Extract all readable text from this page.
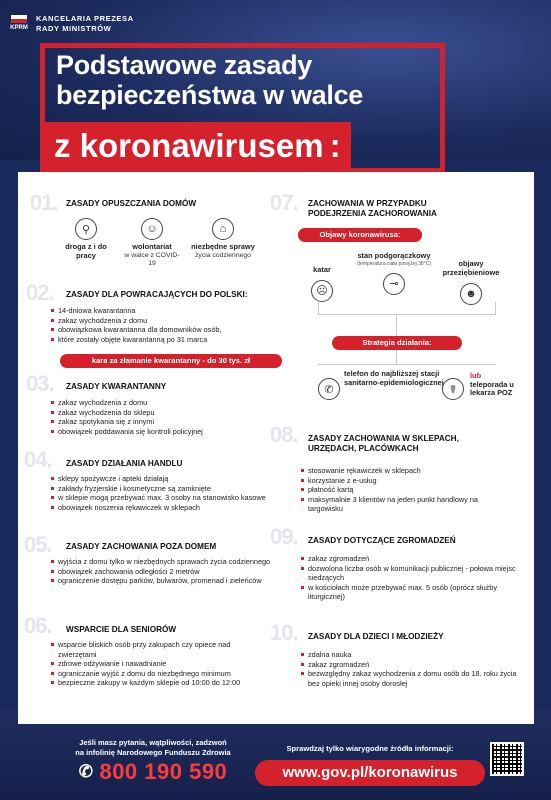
KPRM
KANCELARIA PREZESA
RADY MINISTRÓW
Podstawowe zasady
bezpieczeństwa w walce
z koronawirusem :
01. ZASADY OPUSZCZANIA DOMÓW
⚲
droga z i do pracy
☺
wolontariat
w walce z COVID-19
⌂
niezbędne sprawy
życia codziennego
02. ZASADY DLA POWRACAJĄCYCH DO POLSKI:
14-dniowa kwarantanna
zakaz wychodzenia z domu
obowiązkowa kwarantanna dla domowników osób,
które zostały objęte kwarantanną po 31 marca
kara za złamanie kwarantanny - do 30 tys. zł
03. ZASADY KWARANTANNY
zakaz wychodzenia z domu
zakaz wychodzenia do sklepu
zakaz spotykania się z innymi
obowiązek poddawania się kontroli policyjnej
04. ZASADY DZIAŁANIA HANDLU
sklepy spożywcze i apteki działają
zakłady fryzjerskie i kosmetyczne są zamknięte
w sklepie mogą przebywać max. 3 osoby na stanowisko kasowe
obowiązek noszenia rękawiczek w sklepach
05. ZASADY ZACHOWANIA POZA DOMEM
wyjścia z domu tylko w niezbędnych sprawach życia codziennego
obowiązek zachowania odległości 2 metrów
ograniczenie dostępu parków, bulwarów, promenad i zieleńców
06. WSPARCIE DLA SENIORÓW
wsparcie bliskich osób przy zakupach czy opiece nad zwierzętami
zdrowe odżywianie i nawadnianie
ograniczanie wyjść z domu do niezbędnego minimum
bezpieczne zakupy w każdym sklepie od 10:00 do 12:00
07. ZACHOWANIA W PRZYPADKU
PODEJRZENIA ZACHOROWANIA
Objawy koronawirusa:
katar
☹
stan podgorączkowy
(temperatura ciała powyżej 38°C)
⊸
objawy przeziębieniowe
☻
Strategia działania:
✆
telefon do najbliższej stacji sanitarno-epidemiologicznej
☤
lub
teleporada u lekarza POZ
08. ZASADY ZACHOWANIA W SKLEPACH,
URZĘDACH, PLACÓWKACH
stosowanie rękawiczek w sklepach
korzystanie z e-usług
płatność kartą
maksymalnie 3 klientów na jeden punkt handlowy na targowisku
09. ZASADY DOTYCZĄCE ZGROMADZEŃ
zakaz zgromadzeń
dozwolona liczba osób w komunikacji publicznej - połowa miejsc siedzących
w kościołach może przebywać max. 5 osób (oprócz służby liturgicznej)
10. ZASADY DLA DZIECI I MŁODZIEŻY
zdalna nauka
zakaz zgromadzeń
bezwzględny zakaz wychodzenia z domu osób do 18. roku życia bez opieki innej osoby dorosłej
Jeśli masz pytania, wątpliwości, zadzwoń
na infolinię Narodowego Funduszu Zdrowia
✆ 800 190 590
Sprawdzaj tylko wiarygodne źródła informacji:
www.gov.pl/koronawirus
